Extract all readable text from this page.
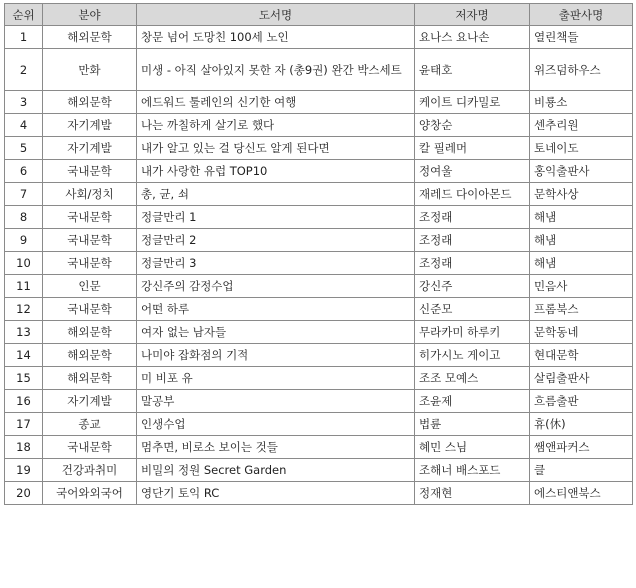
순위	분야	도서명	저자명	출판사명
1	해외문학	창문 넘어 도망친 100세 노인	요나스 요나손	열린책들
2	만화	미생 - 아직 살아있지 못한 자 (총9권) 완간 박스세트	윤태호	위즈덤하우스
3	해외문학	에드워드 툴레인의 신기한 여행	케이트 디카밀로	비룡소
4	자기계발	나는 까칠하게 살기로 했다	양창순	센추리원
5	자기계발	내가 알고 있는 걸 당신도 알게 된다면	칼 필레머	토네이도
6	국내문학	내가 사랑한 유럽 TOP10	정여울	홍익출판사
7	사회/정치	총, 균, 쇠	재레드 다이아몬드	문학사상
8	국내문학	정글만리 1	조정래	해냄
9	국내문학	정글만리 2	조정래	해냄
10	국내문학	정글만리 3	조정래	해냄
11	인문	강신주의 감정수업	강신주	민음사
12	국내문학	어떤 하루	신준모	프롬북스
13	해외문학	여자 없는 남자들	무라카미 하루키	문학동네
14	해외문학	나미야 잡화점의 기적	히가시노 게이고	현대문학
15	해외문학	미 비포 유	조조 모예스	살림출판사
16	자기계발	말공부	조윤제	흐름출판
17	종교	인생수업	법륜	휴(休)
18	국내문학	멈추면, 비로소 보이는 것들	혜민 스님	쌤앤파커스
19	건강과취미	비밀의 정원 Secret Garden	조해너 배스포드	클
20	국어와외국어	영단기 토익 RC	정재현	에스티앤북스
